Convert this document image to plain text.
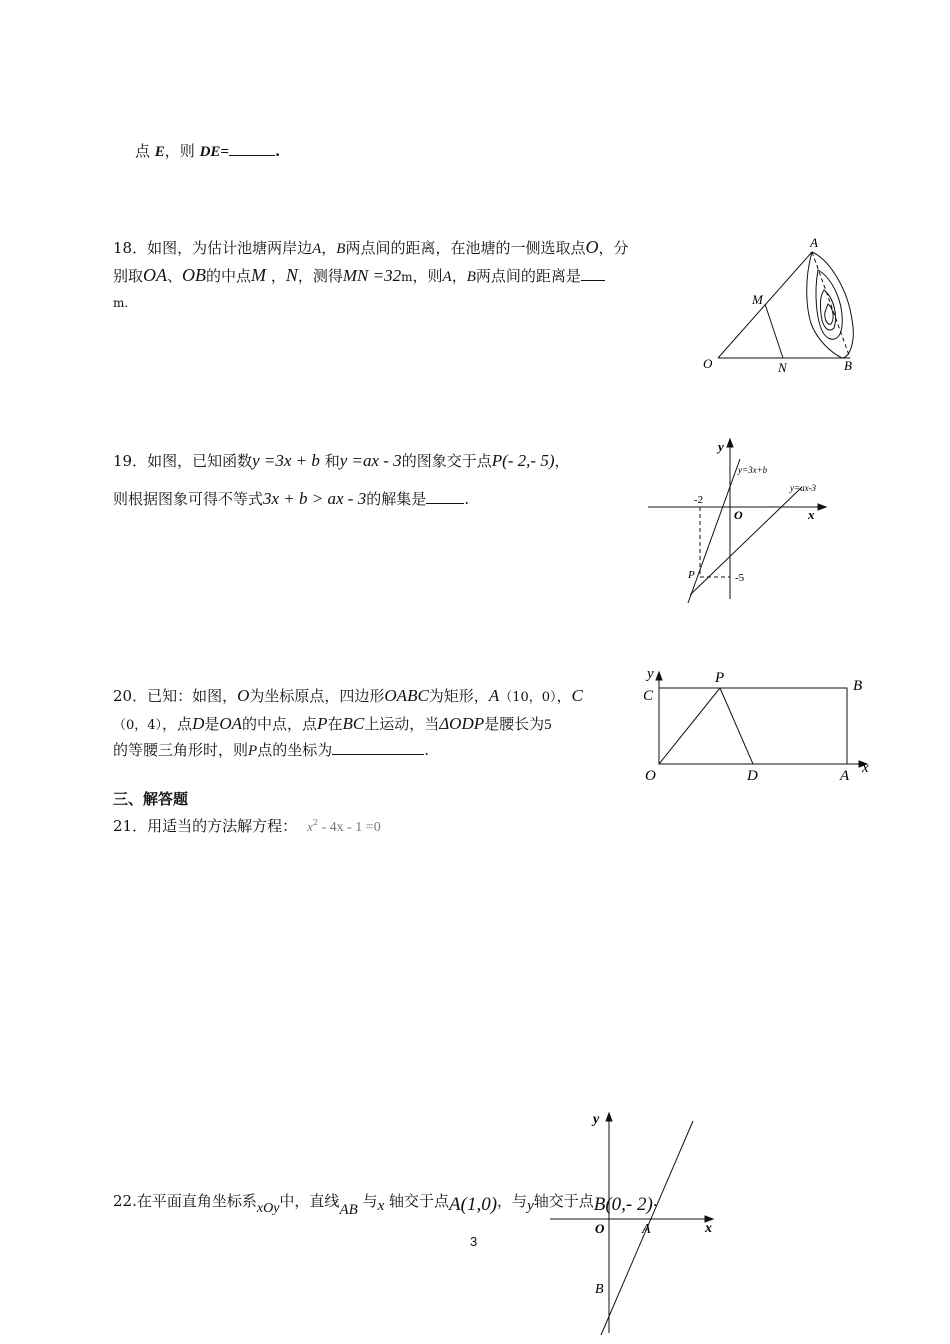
点 E，则 DE=	.
18．如图，为估计池塘两岸边A，B两点间的距离，在池塘的一侧选取点O，分
别取OA、OB的中点M ，N，测得MN =32m，则A，B两点间的距离是
m.
A
M
O	N	B
19．如图，已知函数y =3x + b 和y =ax - 3的图象交于点P(- 2,- 5)，
则根据图象可得不等式3x + b > ax - 3的解集是	.
y
x
O
-2
-5
P
y=3x+b
y=ax-3
20．已知：如图，O为坐标原点，四边形OABC为矩形，A（10，0），C
（0，4），点D是OA的中点，点P在BC上运动，当ΔODP是腰长为5
的等腰三角形时，则P点的坐标为	.
y
C
P	B
O	D	A x
三、解答题
21．用适当的方法解方程： $x^2 - 4x - 1 =0$
y
O	A	x
B
22.在平面直角坐标系xOy中，直线AB 与x 轴交于点A(1,0)，与y轴交于点B(0,- 2).
3
